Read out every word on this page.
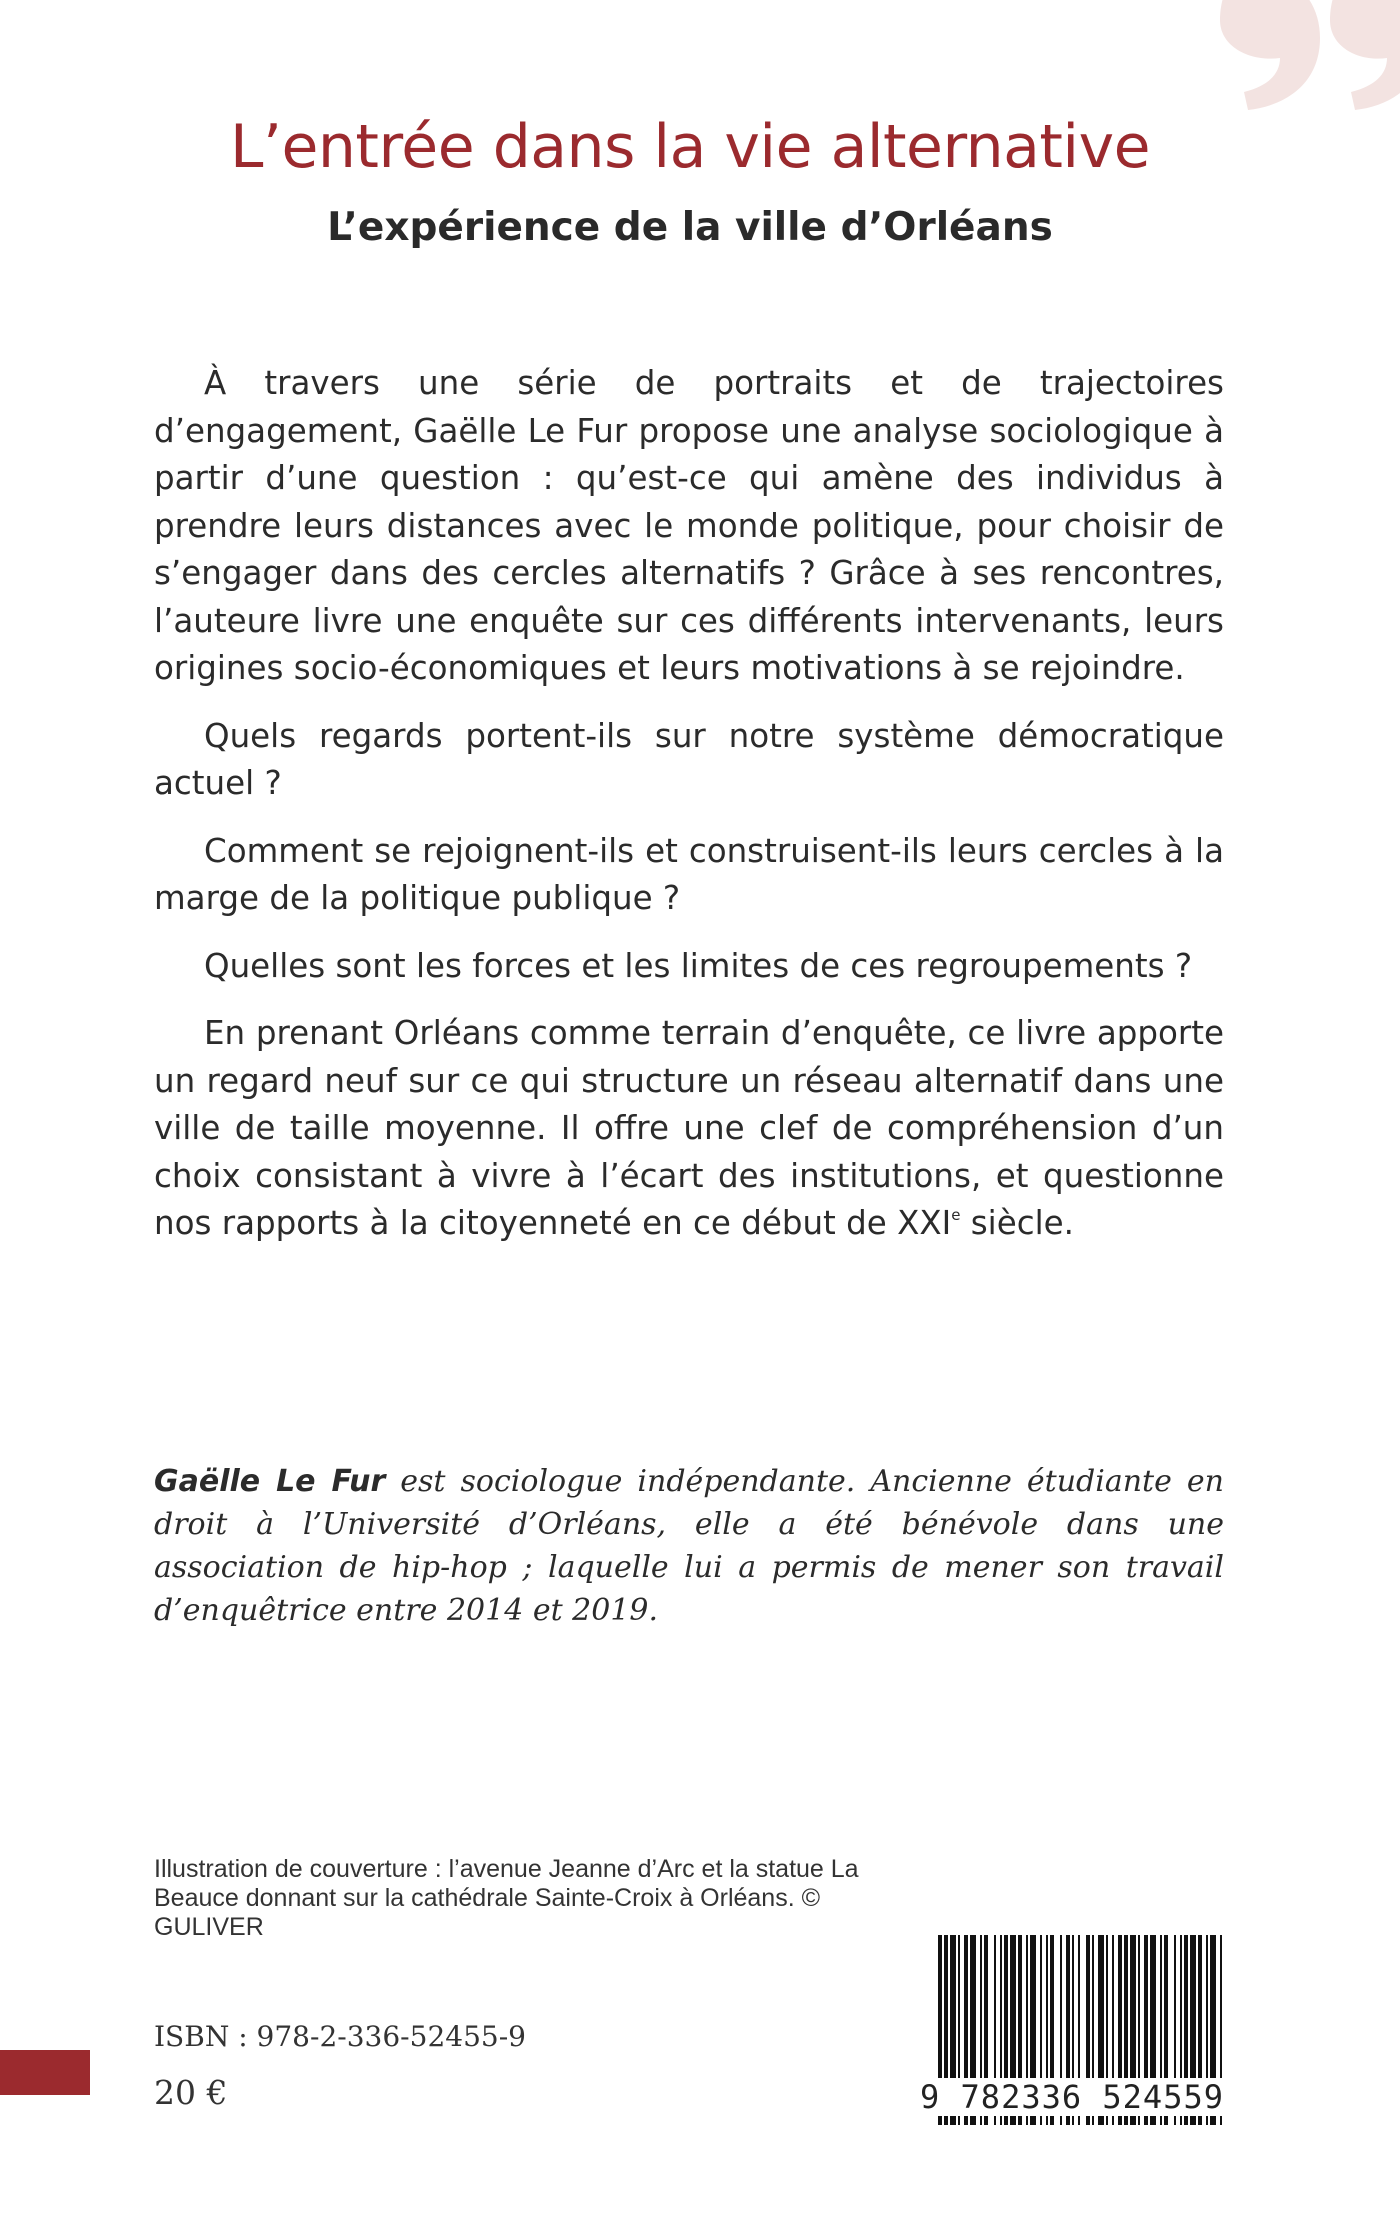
L’entrée dans la vie alternative
L’expérience de la ville d’Orléans

À travers une série de portraits et de trajectoires d’engagement, Gaëlle Le Fur propose une analyse sociologique à partir d’une question : qu’est-ce qui amène des individus à prendre leurs distances avec le monde politique, pour choisir de s’engager dans des cercles alternatifs ? Grâce à ses rencontres, l’auteure livre une enquête sur ces différents intervenants, leurs origines socio-économiques et leurs motivations à se rejoindre.

Quels regards portent-ils sur notre système démocratique actuel ?

Comment se rejoignent-ils et construisent-ils leurs cercles à la marge de la politique publique ?

Quelles sont les forces et les limites de ces regroupements ?

En prenant Orléans comme terrain d’enquête, ce livre apporte un regard neuf sur ce qui structure un réseau alternatif dans une ville de taille moyenne. Il offre une clef de compréhension d’un choix consistant à vivre à l’écart des institutions, et questionne nos rapports à la citoyenneté en ce début de XXIe siècle.

Gaëlle Le Fur est sociologue indépendante. Ancienne étudiante en droit à l’Université d’Orléans, elle a été bénévole dans une association de hip-hop ; laquelle lui a permis de mener son travail d’enquêtrice entre 2014 et 2019.

Illustration de couverture : l’avenue Jeanne d’Arc et la statue La Beauce donnant sur la cathédrale Sainte-Croix à Orléans. © GULIVER

ISBN : 978-2-336-52455-9

20 €	9 782336 524559
